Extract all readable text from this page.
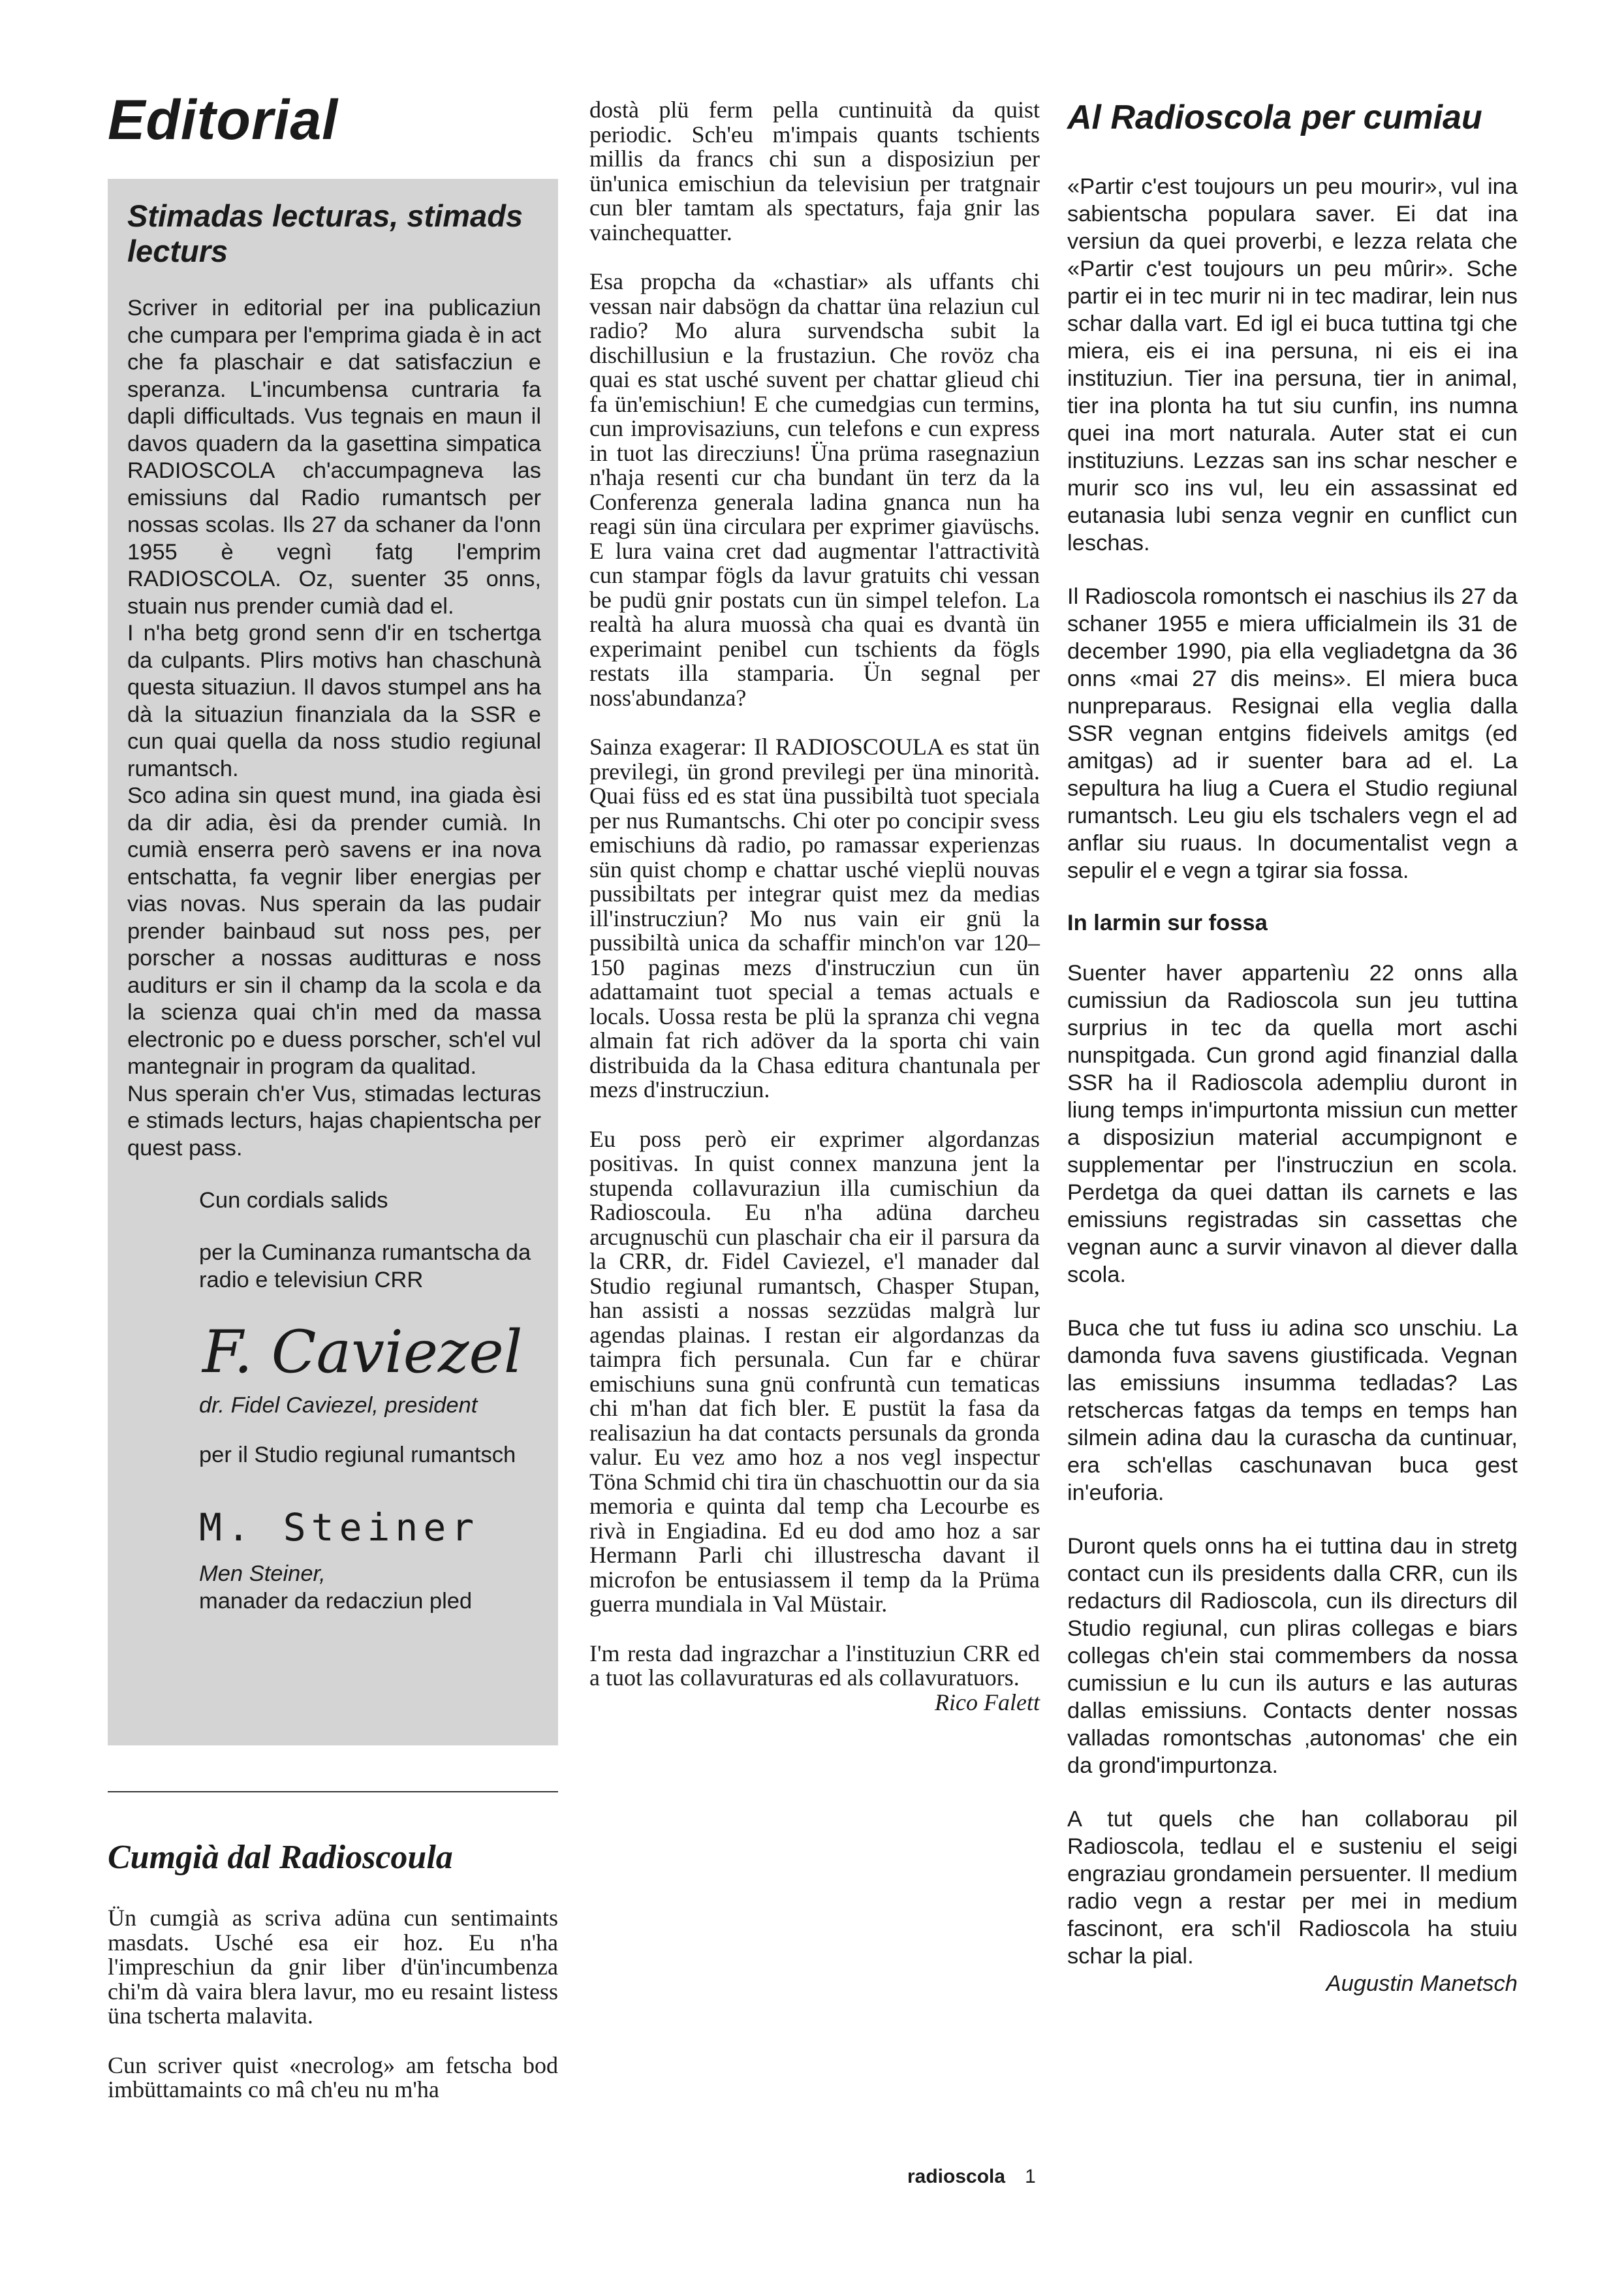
Editorial
Stimadas lecturas, stimads lecturs

Scriver in editorial per ina publicaziun che cumpara per l'emprima giada è in act che fa plaschair e dat satisfacziun e speranza. L'incumbensa cuntraria fa dapli difficultads. Vus tegnais en maun il davos quadern da la gasettina simpatica RADIOSCOLA ch'accumpagneva las emissiuns dal Radio rumantsch per nossas scolas. Ils 27 da schaner da l'onn 1955 è vegnì fatg l'emprim RADIOSCOLA. Oz, suenter 35 onns, stuain nus prender cumià dad el.

I n'ha betg grond senn d'ir en tschertga da culpants. Plirs motivs han chaschunà questa situaziun. Il davos stumpel ans ha dà la situaziun finanziala da la SSR e cun quai quella da noss studio regiunal rumantsch.

Sco adina sin quest mund, ina giada èsi da dir adia, èsi da prender cumià. In cumià enserra però savens er ina nova entschatta, fa vegnir liber energias per vias novas. Nus sperain da las pudair prender bainbaud sut noss pes, per porscher a nossas auditturas e noss auditurs er sin il champ da la scola e da la scienza quai ch'in med da massa electronic po e duess porscher, sch'el vul mantegnair in program da qualitad.

Nus sperain ch'er Vus, stimadas lecturas e stimads lecturs, hajas chapientscha per quest pass.

Cun cordials salids

per la Cuminanza rumantscha da radio e televisiun CRR

F. Caviezel

dr. Fidel Caviezel, president

per il Studio regiunal rumantsch

M. Steiner

Men Steiner,

manader da redacziun pled

Cumgià dal Radioscoula

Ün cumgià as scriva adüna cun sentimaints masdats. Usché esa eir hoz. Eu n'ha l'impreschiun da gnir liber d'ün'incumbenza chi'm dà vaira blera lavur, mo eu resaint listess üna tscherta malavita.

Cun scriver quist «necrolog» am fetscha bod imbüttamaints co mâ ch'eu nu m'ha

dostà plü ferm pella cuntinuità da quist periodic. Sch'eu m'impais quants tschients millis da francs chi sun a disposiziun per ün'unica emischiun da televisiun per tratgnair cun bler tamtam als spectaturs, faja gnir las vainchequatter.

Esa propcha da «chastiar» als uffants chi vessan nair dabsögn da chattar üna relaziun cul radio? Mo alura survendscha subit la dischillusiun e la frustaziun. Che rovöz cha quai es stat usché suvent per chattar glieud chi fa ün'emischiun! E che cumedgias cun termins, cun improvisaziuns, cun telefons e cun express in tuot las direcziuns! Üna prüma rasegnaziun n'haja resenti cur cha bundant ün terz da la Conferenza generala ladina gnanca nun ha reagi sün üna circulara per exprimer giavüschs. E lura vaina cret dad augmentar l'attractività cun stampar fögls da lavur gratuits chi vessan be pudü gnir postats cun ün simpel telefon. La realtà ha alura muossà cha quai es dvantà ün experimaint penibel cun tschients da fögls restats illa stamparia. Ün segnal per noss'abundanza?

Sainza exagerar: Il RADIOSCOULA es stat ün previlegi, ün grond previlegi per üna minorità. Quai füss ed es stat üna pussibiltà tuot speciala per nus Rumantschs. Chi oter po concipir svess emischiuns dà radio, po ramassar experienzas sün quist chomp e chattar usché vieplü nouvas pussibiltats per integrar quist mez da medias ill'instrucziun? Mo nus vain eir gnü la pussibiltà unica da schaffir minch'on var 120–150 paginas mezs d'instrucziun cun ün adattamaint tuot special a temas actuals e locals. Uossa resta be plü la spranza chi vegna almain fat rich adöver da la sporta chi vain distribuida da la Chasa editura chantunala per mezs d'instrucziun.

Eu poss però eir exprimer algordanzas positivas. In quist connex manzuna jent la stupenda collavuraziun illa cumischiun da Radioscoula. Eu n'ha adüna darcheu arcugnuschü cun plaschair cha eir il parsura da la CRR, dr. Fidel Caviezel, e'l manader dal Studio regiunal rumantsch, Chasper Stupan, han assisti a nossas sezzüdas malgrà lur agendas plainas. I restan eir algordanzas da taimpra fich persunala. Cun far e chürar emischiuns suna gnü confruntà cun tematicas chi m'han dat fich bler. E pustüt la fasa da realisaziun ha dat contacts persunals da gronda valur. Eu vez amo hoz a nos vegl inspectur Töna Schmid chi tira ün chaschuottin our da sia memoria e quinta dal temp cha Lecourbe es rivà in Engiadina. Ed eu dod amo hoz a sar Hermann Parli chi illustrescha davant il microfon be entusiassem il temp da la Prüma guerra mundiala in Val Müstair.

I'm resta dad ingrazchar a l'instituziun CRR ed a tuot las collavuraturas ed als collavuratuors.
Rico Falett

Al Radioscola per cumiau

«Partir c'est toujours un peu mourir», vul ina sabientscha populara saver. Ei dat ina versiun da quei proverbi, e lezza relata che «Partir c'est toujours un peu mûrir». Sche partir ei in tec murir ni in tec madirar, lein nus schar dalla vart. Ed igl ei buca tuttina tgi che miera, eis ei ina persuna, ni eis ei ina instituziun. Tier ina persuna, tier in animal, tier ina plonta ha tut siu cunfin, ins numna quei ina mort naturala. Auter stat ei cun instituziuns. Lezzas san ins schar nescher e murir sco ins vul, leu ein assassinat ed eutanasia lubi senza vegnir en cunflict cun leschas.

Il Radioscola romontsch ei naschius ils 27 da schaner 1955 e miera ufficialmein ils 31 de december 1990, pia ella vegliadetgna da 36 onns «mai 27 dis meins». El miera buca nunpreparaus. Resignai ella veglia dalla SSR vegnan entgins fideivels amitgs (ed amitgas) ad ir suenter bara ad el. La sepultura ha liug a Cuera el Studio regiunal rumantsch. Leu giu els tschalers vegn el ad anflar siu ruaus. In documentalist vegn a sepulir el e vegn a tgirar sia fossa.

In larmin sur fossa

Suenter haver appartenìu 22 onns alla cumissiun da Radioscola sun jeu tuttina surprius in tec da quella mort aschi nunspitgada. Cun grond agid finanzial dalla SSR ha il Radioscola adempliu duront in liung temps in'impurtonta missiun cun metter a disposiziun material accumpignont e supplementar per l'instrucziun en scola. Perdetga da quei dattan ils carnets e las emissiuns registradas sin cassettas che vegnan aunc a survir vinavon al diever dalla scola.

Buca che tut fuss iu adina sco unschiu. La damonda fuva savens giustificada. Vegnan las emissiuns insumma tedladas? Las retschercas fatgas da temps en temps han silmein adina dau la curascha da cuntinuar, era sch'ellas caschunavan buca gest in'euforia.

Duront quels onns ha ei tuttina dau in stretg contact cun ils presidents dalla CRR, cun ils redacturs dil Radioscola, cun ils directurs dil Studio regiunal, cun pliras collegas e biars collegas ch'ein stai commembers da nossa cumissiun e lu cun ils auturs e las auturas dallas emissiuns. Contacts denter nossas valladas romontschas ‚autonomas' che ein da grond'impurtonza.

A tut quels che han collaborau pil Radioscola, tedlau el e susteniu el seigi engraziau grondamein persuenter. Il medium radio vegn a restar per mei in medium fascinont, era sch'il Radioscola ha stuiu schar la pial.

Augustin Manetsch

radioscola 1
